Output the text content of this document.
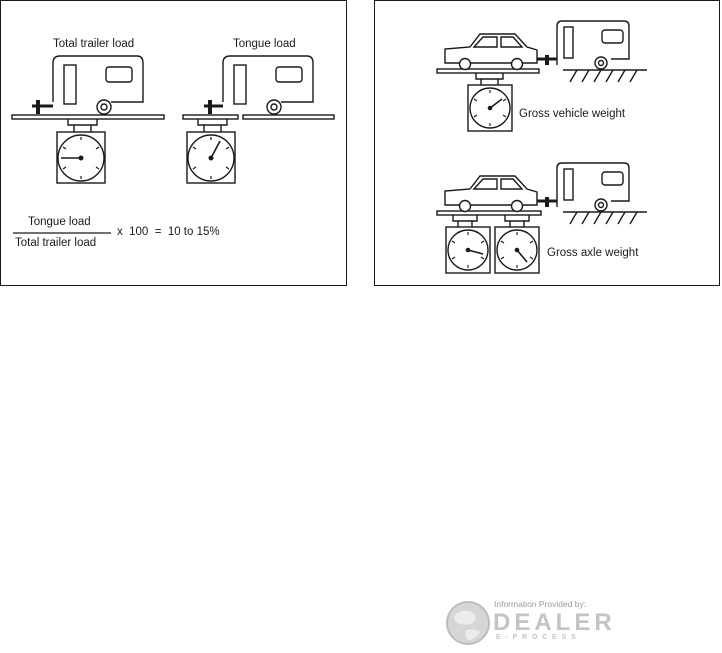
Total trailer load	Tongue load
Tongue load
Total trailer load
x  100  =  10 to 15%
Gross vehicle weight
Gross axle weight
Information Provided by:
DEALER
E-PROCESS
